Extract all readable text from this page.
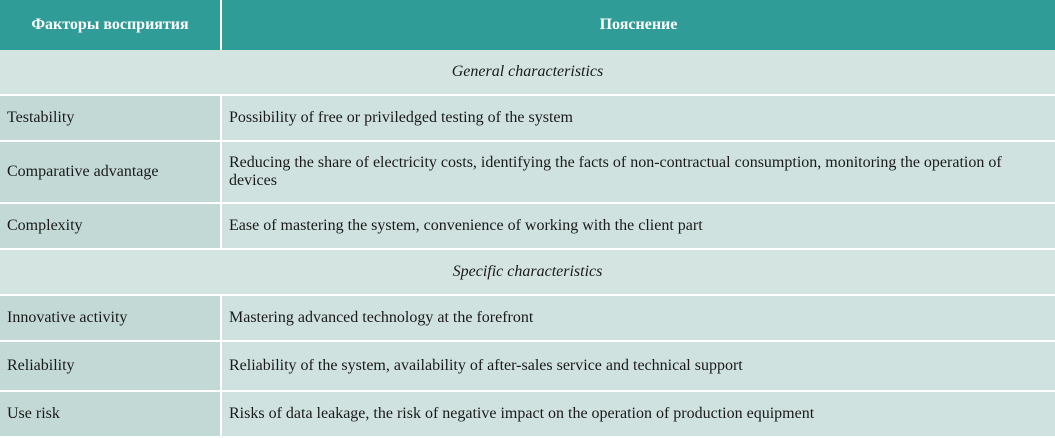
Факторы восприятия	Пояснение
General characteristics	
Testability	Possibility of free or priviledged testing of the system
Comparative advantage	Reducing the share of electricity costs, identifying the facts of non-contractual consumption, monitoring the operation of devices
Complexity	Ease of mastering the system, convenience of working with the client part
Specific characteristics	
Innovative activity	Mastering advanced technology at the forefront
Reliability	Reliability of the system, availability of after-sales service and technical support
Use risk	Risks of data leakage, the risk of negative impact on the operation of production equipment
